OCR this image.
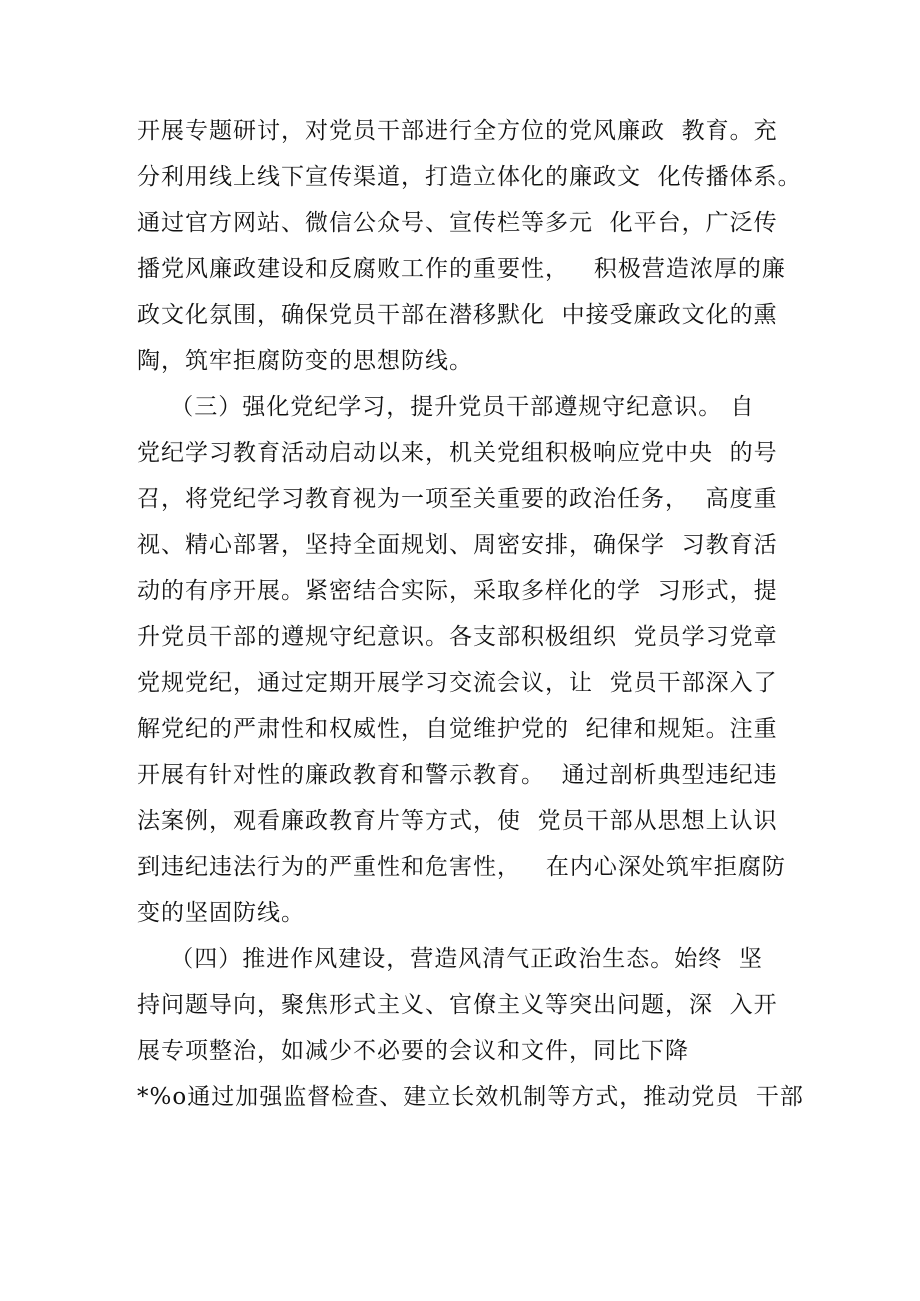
开展专题研讨，对党员干部进行全方位的党风廉政  教育。充
分利用线上线下宣传渠道，打造立体化的廉政文  化传播体系。
通过官方网站、微信公众号、宣传栏等多元  化平台，广泛传
播党风廉政建设和反腐败工作的重要性，   积极营造浓厚的廉
政文化氛围，确保党员干部在潜移默化  中接受廉政文化的熏
陶，筑牢拒腐防变的思想防线。
（三）强化党纪学习，提升党员干部遵规守纪意识。 自
党纪学习教育活动启动以来，机关党组积极响应党中央  的号
召，将党纪学习教育视为一项至关重要的政治任务，  高度重
视、精心部署，坚持全面规划、周密安排，确保学  习教育活
动的有序开展。紧密结合实际，采取多样化的学  习形式，提
升党员干部的遵规守纪意识。各支部积极组织  党员学习党章
党规党纪，通过定期开展学习交流会议，让  党员干部深入了
解党纪的严肃性和权威性，自觉维护党的  纪律和规矩。注重
开展有针对性的廉政教育和警示教育。  通过剖析典型违纪违
法案例，观看廉政教育片等方式，使  党员干部从思想上认识
到违纪违法行为的严重性和危害性，   在内心深处筑牢拒腐防
变的坚固防线。
（四）推进作风建设，营造风清气正政治生态。始终  坚
持问题导向，聚焦形式主义、官僚主义等突出问题，深  入开
展专项整治，如减少不必要的会议和文件，同比下降
*%o通过加强监督检查、建立长效机制等方式，推动党员  干部
